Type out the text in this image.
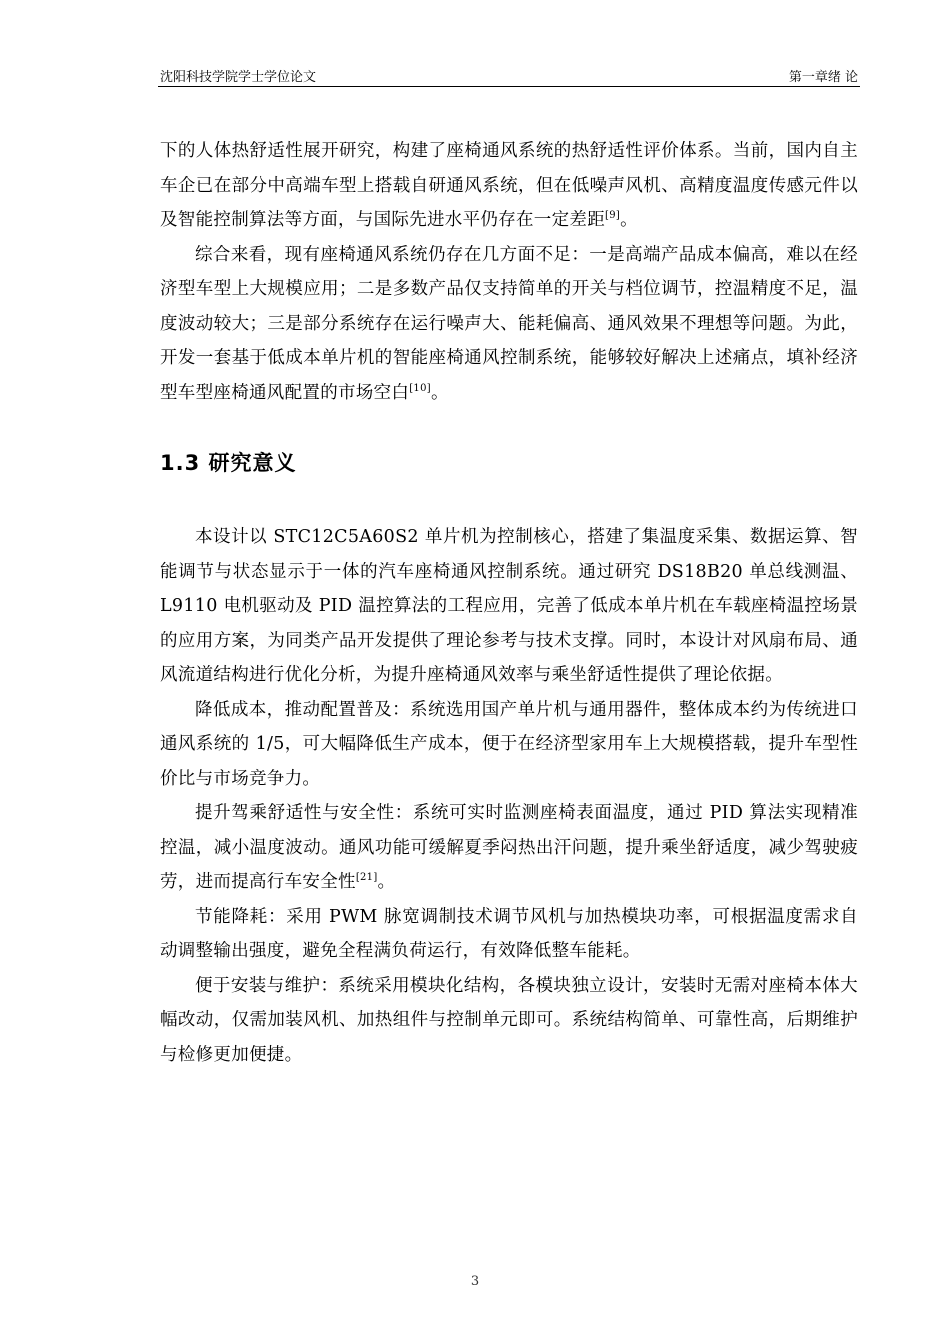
沈阳科技学院学士学位论文	第一章绪 论

下的人体热舒适性展开研究，构建了座椅通风系统的热舒适性评价体系。当前，国内自主车企已在部分中高端车型上搭载自研通风系统，但在低噪声风机、高精度温度传感元件以及智能控制算法等方面，与国际先进水平仍存在一定差距[9]。

综合来看，现有座椅通风系统仍存在几方面不足：一是高端产品成本偏高，难以在经济型车型上大规模应用；二是多数产品仅支持简单的开关与档位调节，控温精度不足，温度波动较大；三是部分系统存在运行噪声大、能耗偏高、通风效果不理想等问题。为此，开发一套基于低成本单片机的智能座椅通风控制系统，能够较好解决上述痛点，填补经济型车型座椅通风配置的市场空白[10]。

1.3 研究意义

本设计以 STC12C5A60S2 单片机为控制核心，搭建了集温度采集、数据运算、智能调节与状态显示于一体的汽车座椅通风控制系统。通过研究 DS18B20 单总线测温、L9110 电机驱动及 PID 温控算法的工程应用，完善了低成本单片机在车载座椅温控场景的应用方案，为同类产品开发提供了理论参考与技术支撑。同时，本设计对风扇布局、通风流道结构进行优化分析，为提升座椅通风效率与乘坐舒适性提供了理论依据。

降低成本，推动配置普及：系统选用国产单片机与通用器件，整体成本约为传统进口通风系统的 1/5，可大幅降低生产成本，便于在经济型家用车上大规模搭载，提升车型性价比与市场竞争力。

提升驾乘舒适性与安全性：系统可实时监测座椅表面温度，通过 PID 算法实现精准控温，减小温度波动。通风功能可缓解夏季闷热出汗问题，提升乘坐舒适度，减少驾驶疲劳，进而提高行车安全性[21]。

节能降耗：采用 PWM 脉宽调制技术调节风机与加热模块功率，可根据温度需求自动调整输出强度，避免全程满负荷运行，有效降低整车能耗。

便于安装与维护：系统采用模块化结构，各模块独立设计，安装时无需对座椅本体大幅改动，仅需加装风机、加热组件与控制单元即可。系统结构简单、可靠性高，后期维护与检修更加便捷。

3
